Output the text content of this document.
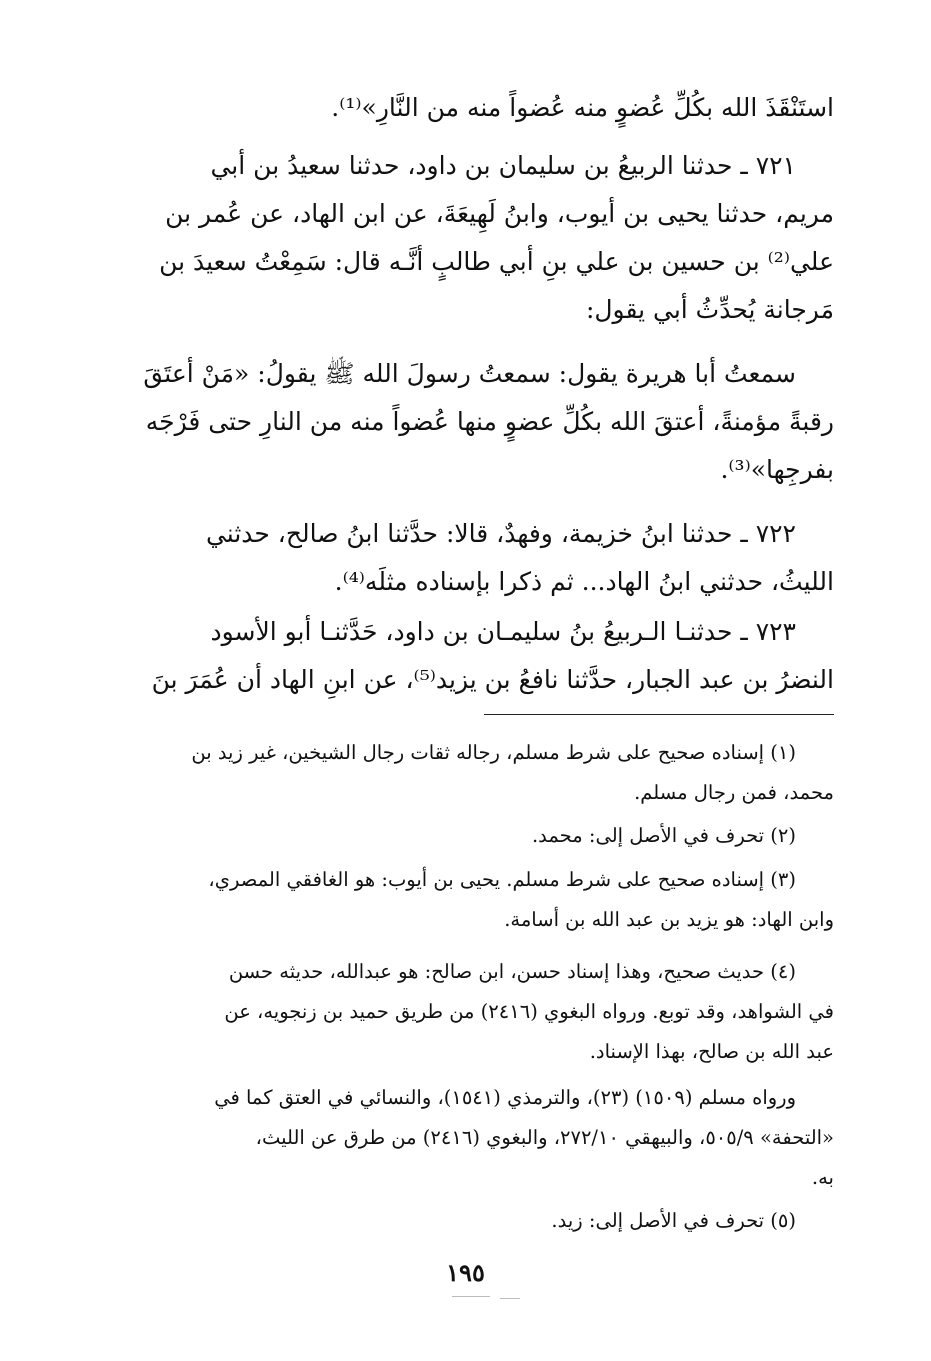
استَنْقَذَ الله بكُلِّ عُضوٍ منه عُضواً منه من النَّارِ»⁽¹⁾.
٧٢١ ـ حدثنا الربيعُ بن سليمان بن داود، حدثنا سعيدُ بن أبي
مريم، حدثنا يحيى بن أيوب، وابنُ لَهِيعَةَ، عن ابن الهاد، عن عُمر بن
علي⁽²⁾ بن حسين بن علي بنِ أبي طالبٍ أنَّـه قال: سَمِعْتُ سعيدَ بن
مَرجانة يُحدِّثُ أبي يقول:
سمعتُ أبا هريرة يقول: سمعتُ رسولَ الله ﷺ يقولُ: «مَنْ أعتَقَ
رقبةً مؤمنةً، أعتقَ الله بكُلِّ عضوٍ منها عُضواً منه من النارِ حتى فَرْجَه
بفرجِها»⁽³⁾.
٧٢٢ ـ حدثنا ابنُ خزيمة، وفهدٌ، قالا: حدَّثنا ابنُ صالح، حدثني
الليثُ، حدثني ابنُ الهاد... ثم ذكرا بإسناده مثلَه⁽⁴⁾.
٧٢٣ ـ حدثنـا الـربيعُ بنُ سليمـان بن داود، حَدَّثنـا أبو الأسود
النضرُ بن عبد الجبار، حدَّثنا نافعُ بن يزيد⁽⁵⁾، عن ابنِ الهاد أن عُمَرَ بنَ
(١) إسناده صحيح على شرط مسلم، رجاله ثقات رجال الشيخين، غير زيد بن
محمد، فمن رجال مسلم.
(٢) تحرف في الأصل إلى: محمد.
(٣) إسناده صحيح على شرط مسلم. يحيى بن أيوب: هو الغافقي المصري،
وابن الهاد: هو يزيد بن عبد الله بن أسامة.
(٤) حديث صحيح، وهذا إسناد حسن، ابن صالح: هو عبدالله، حديثه حسن
في الشواهد، وقد توبع. ورواه البغوي (٢٤١٦) من طريق حميد بن زنجويه، عن
عبد الله بن صالح، بهذا الإسناد.
ورواه مسلم (١٥٠٩) (٢٣)، والترمذي (١٥٤١)، والنسائي في العتق كما في
«التحفة» ٥٠٥/٩، والبيهقي ٢٧٢/١٠، والبغوي (٢٤١٦) من طرق عن الليث،
به.
(٥) تحرف في الأصل إلى: زيد.
١٩٥
